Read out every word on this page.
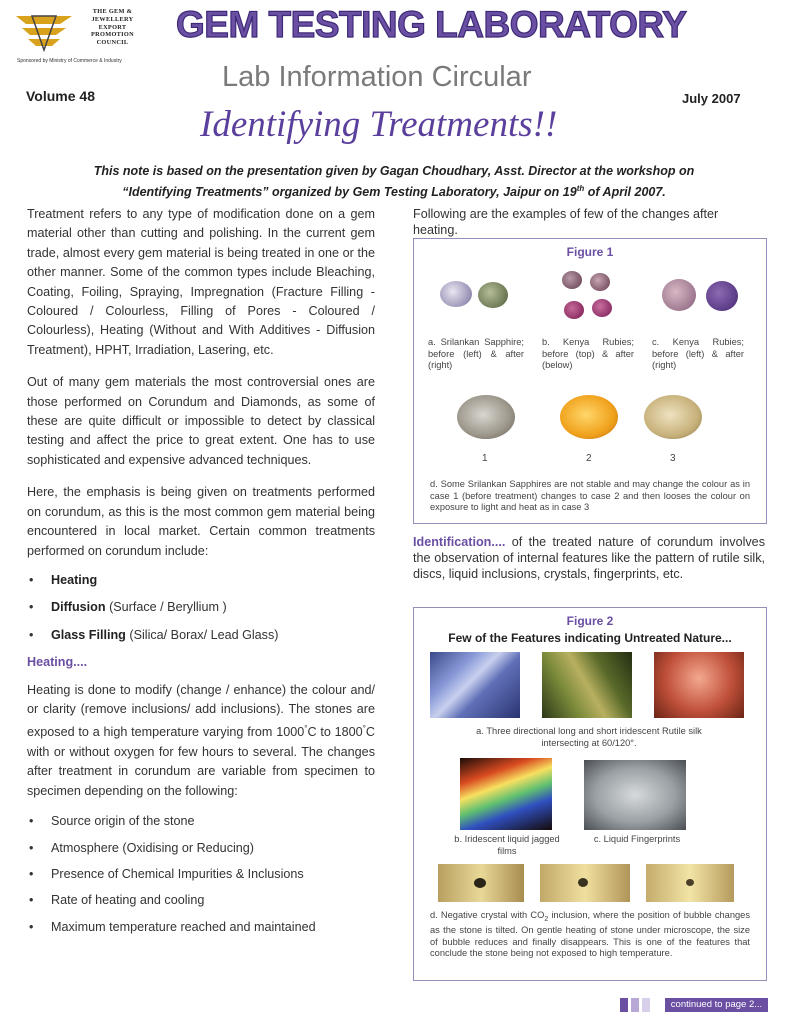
THE GEM &
JEWELLERY
EXPORT
PROMOTION
COUNCIL
Sponsored by Ministry of Commerce & Industry
GEM TESTING LABORATORY
Lab Information Circular
Volume 48	July 2007
Identifying Treatments!!
This note is based on the presentation given by Gagan Choudhary, Asst. Director at the workshop on
“Identifying Treatments” organized by Gem Testing Laboratory, Jaipur on 19th of April 2007.

Treatment refers to any type of modification done on a gem material other than cutting and polishing. In the current gem trade, almost every gem material is being treated in one or the other manner. Some of the common types include Bleaching, Coating, Foiling, Spraying, Impregnation (Fracture Filling - Coloured / Colourless, Filling of Pores - Coloured / Colourless), Heating (Without and With Additives - Diffusion Treatment), HPHT, Irradiation, Lasering, etc.

Out of many gem materials the most controversial ones are those performed on Corundum and Diamonds, as some of these are quite difficult or impossible to detect by classical testing and affect the price to great extent. One has to use sophisticated and expensive advanced techniques.

Here, the emphasis is being given on treatments performed on corundum, as this is the most common gem material being encountered in local market. Certain common treatments performed on corundum include:

• Heating
• Diffusion (Surface / Beryllium )
• Glass Filling (Silica/ Borax/ Lead Glass)
Heating....

Heating is done to modify (change / enhance) the colour and/ or clarity (remove inclusions/ add inclusions). The stones are exposed to a high temperature varying from 1000°C to 1800°C with or without oxygen for few hours to several. The changes after treatment in corundum are variable from specimen to specimen depending on the following:

• Source origin of the stone
• Atmosphere (Oxidising or Reducing)
• Presence of Chemical Impurities & Inclusions
• Rate of heating and cooling
• Maximum temperature reached and maintained
Following are the examples of few of the changes after heating.
Figure 1
a. Srilankan Sapphire; before (left) & after (right)
b. Kenya Rubies; before (top) & after (below)
c. Kenya Rubies; before (left) & after (right)
1	2	3
d. Some Srilankan Sapphires are not stable and may change the colour as in case 1 (before treatment) changes to case 2 and then looses the colour on exposure to light and heat as in case 3
Identification.... of the treated nature of corundum involves the observation of internal features like the pattern of rutile silk, discs, liquid inclusions, crystals, fingerprints, etc.
Figure 2
Few of the Features indicating Untreated Nature...
a. Three directional long and short iridescent Rutile silk intersecting at 60/120°.
b. Iridescent liquid jagged films
c. Liquid Fingerprints
d. Negative crystal with $CO_2$ inclusion, where the position of bubble changes as the stone is tilted. On gentle heating of stone under microscope, the size of bubble reduces and finally disappears. This is one of the features that conclude the stone being not exposed to high temperature.
continued to page 2...
